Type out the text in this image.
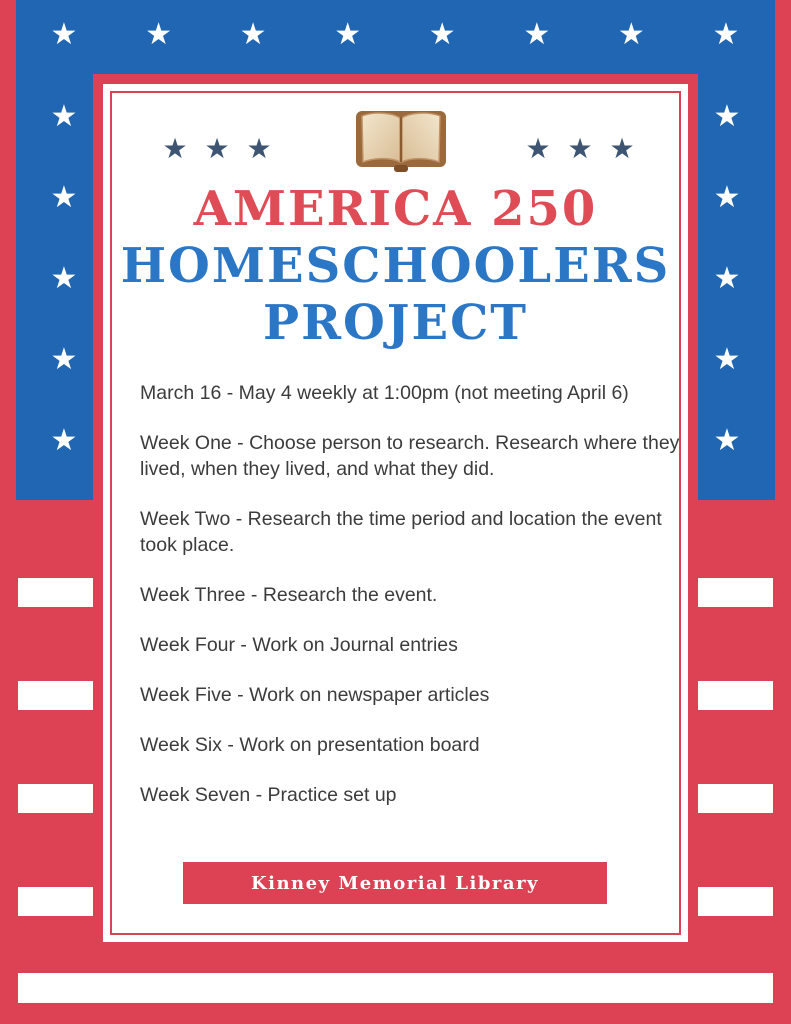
★ ★ ★ ★ ★ ★ ★ ★
★
★
★
★
★
★
★
★
★
★
★ ★ ★	★ ★ ★
AMERICA 250
HOMESCHOOLERS
PROJECT

March 16 - May 4 weekly at 1:00pm (not meeting April 6)

Week One - Choose person to research. Research where they lived, when they lived, and what they did.

Week Two - Research the time period and location the event took place.

Week Three - Research the event.

Week Four - Work on Journal entries

Week Five - Work on newspaper articles

Week Six - Work on presentation board

Week Seven - Practice set up

Kinney Memorial Library
